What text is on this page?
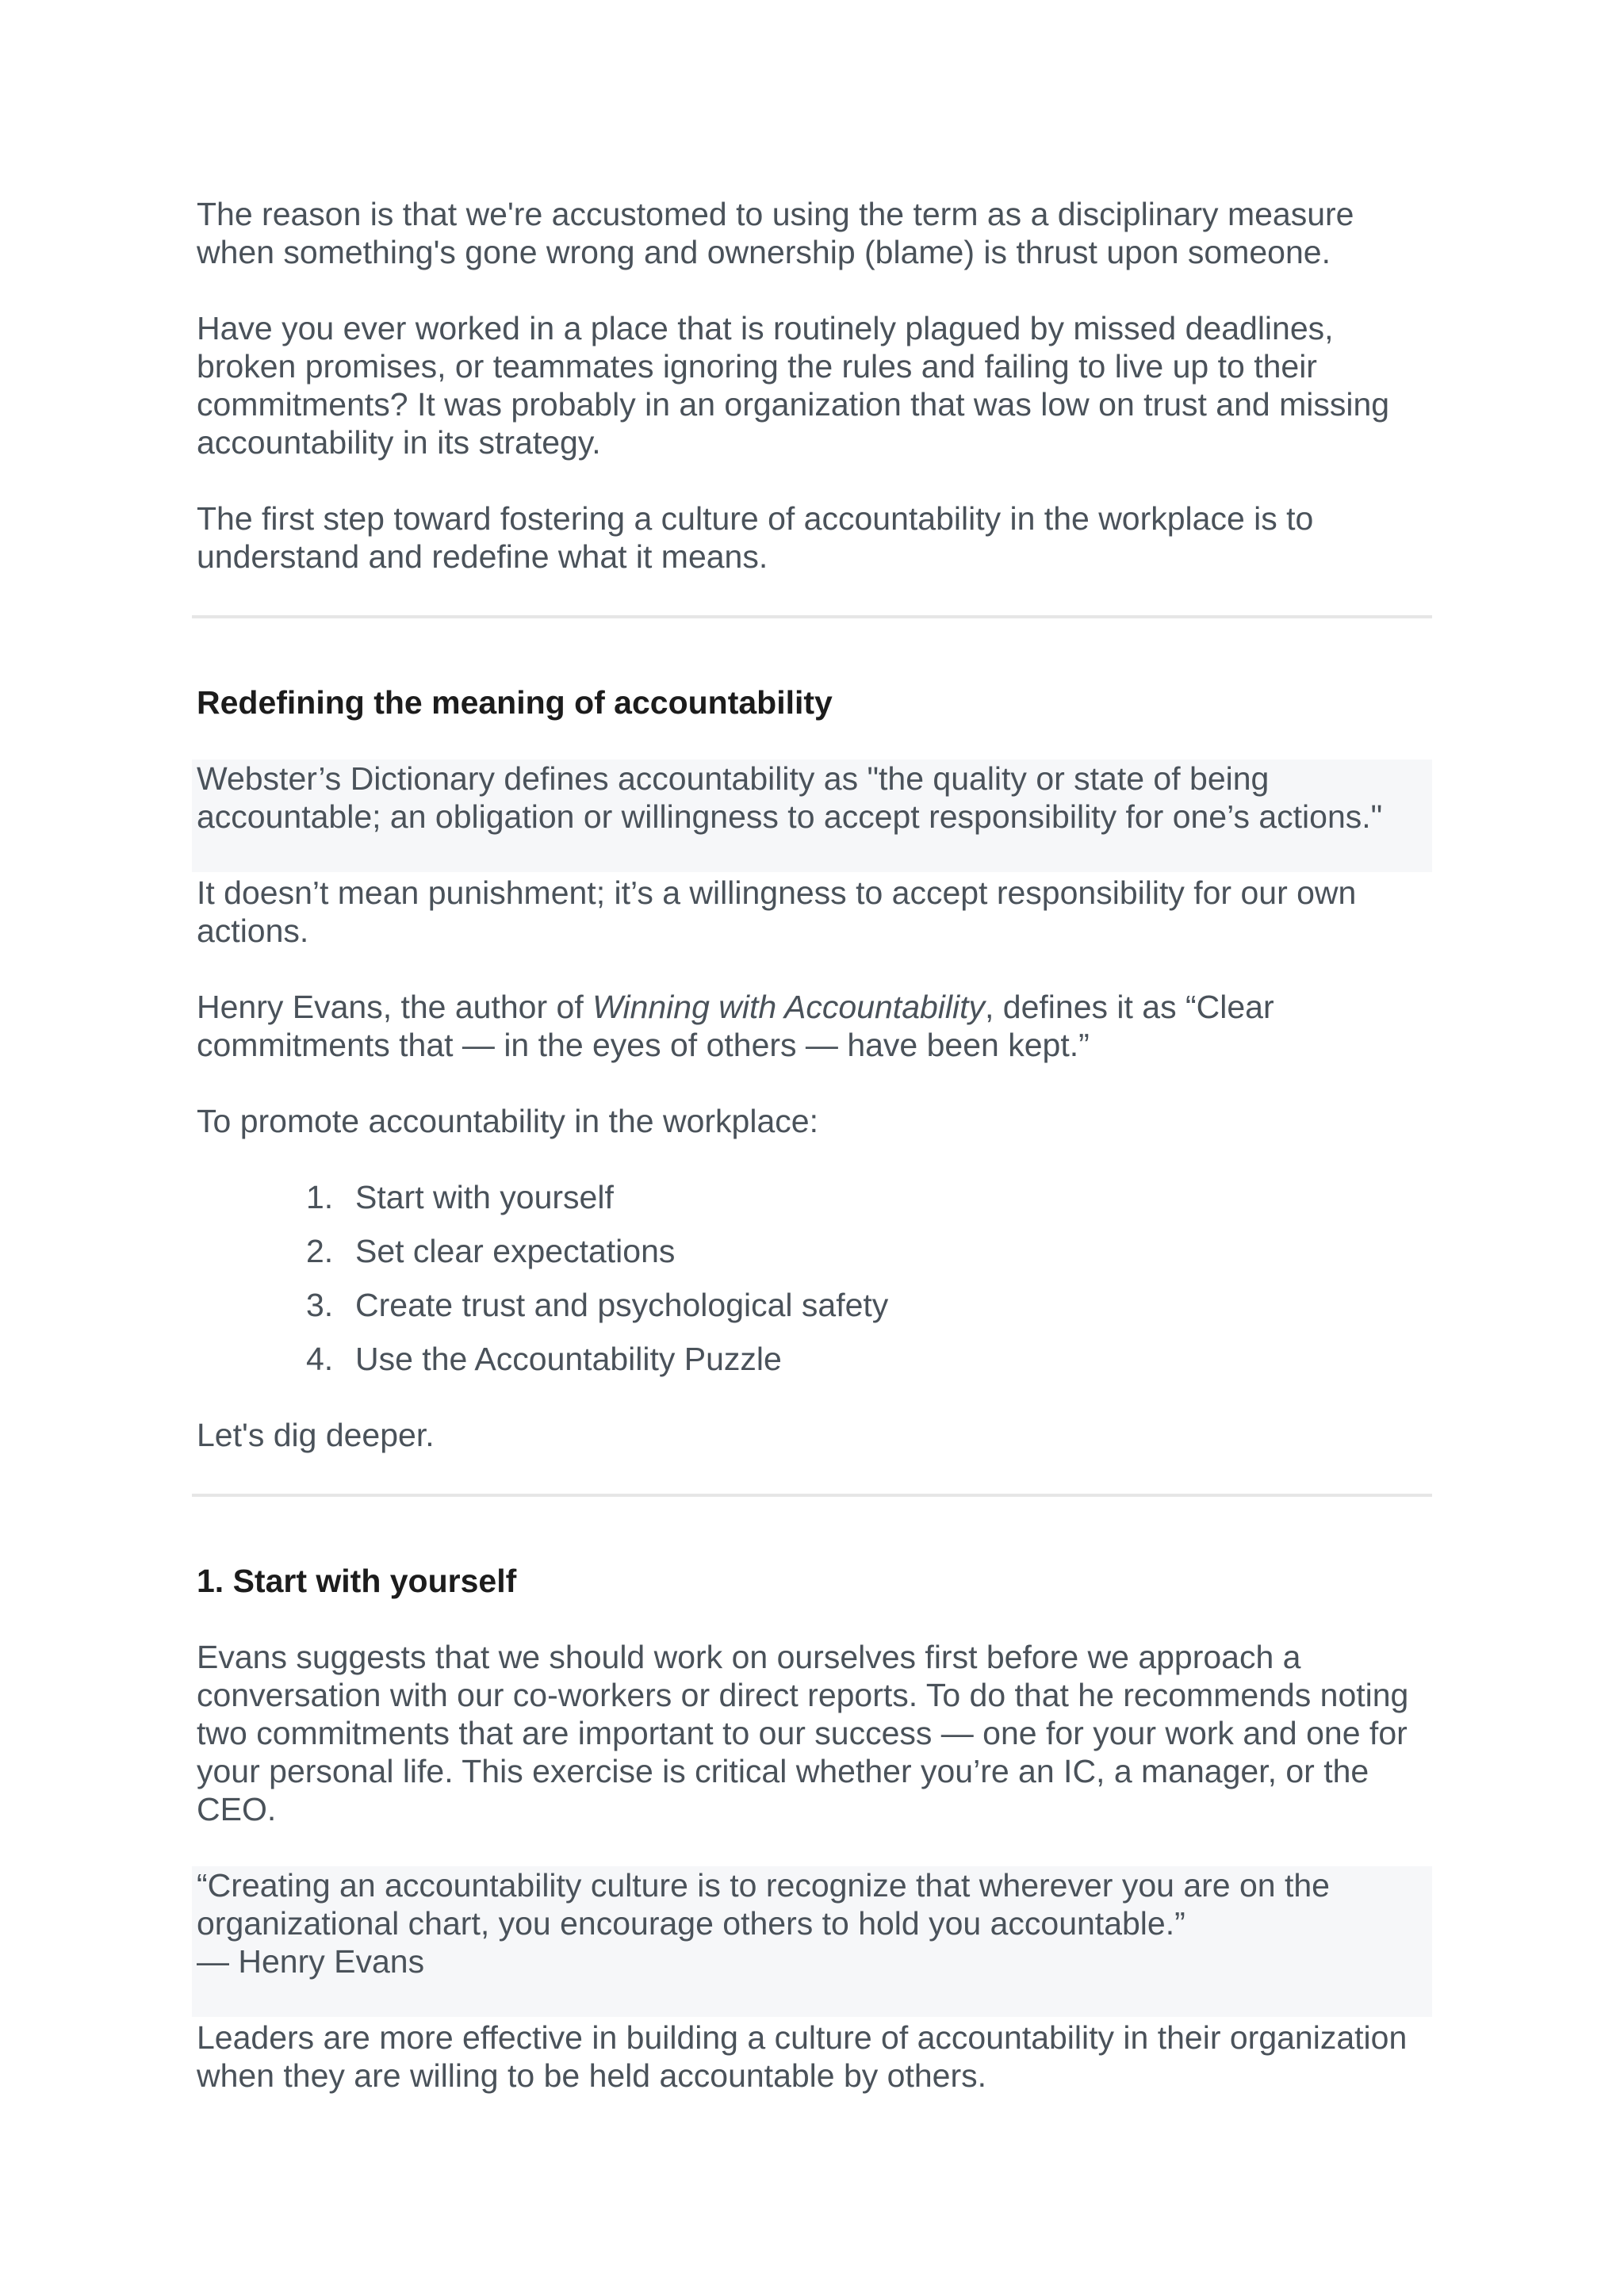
The reason is that we're accustomed to using the term as a disciplinary measure when something's gone wrong and ownership (blame) is thrust upon someone.

Have you ever worked in a place that is routinely plagued by missed deadlines, broken promises, or teammates ignoring the rules and failing to live up to their commitments? It was probably in an organization that was low on trust and missing accountability in its strategy.

The first step toward fostering a culture of accountability in the workplace is to understand and redefine what it means.

Redefining the meaning of accountability

Webster’s Dictionary defines accountability as "the quality or state of being accountable; an obligation or willingness to accept responsibility for one’s actions."

It doesn’t mean punishment; it’s a willingness to accept responsibility for our own actions.

Henry Evans, the author of Winning with Accountability, defines it as “Clear commitments that — in the eyes of others — have been kept.”

To promote accountability in the workplace:

1. Start with yourself
2. Set clear expectations
3. Create trust and psychological safety
4. Use the Accountability Puzzle

Let's dig deeper.

1. Start with yourself

Evans suggests that we should work on ourselves first before we approach a conversation with our co-workers or direct reports. To do that he recommends noting two commitments that are important to our success — one for your work and one for your personal life. This exercise is critical whether you’re an IC, a manager, or the CEO.

“Creating an accountability culture is to recognize that wherever you are on the organizational chart, you encourage others to hold you accountable.”

— Henry Evans

Leaders are more effective in building a culture of accountability in their organization when they are willing to be held accountable by others.
